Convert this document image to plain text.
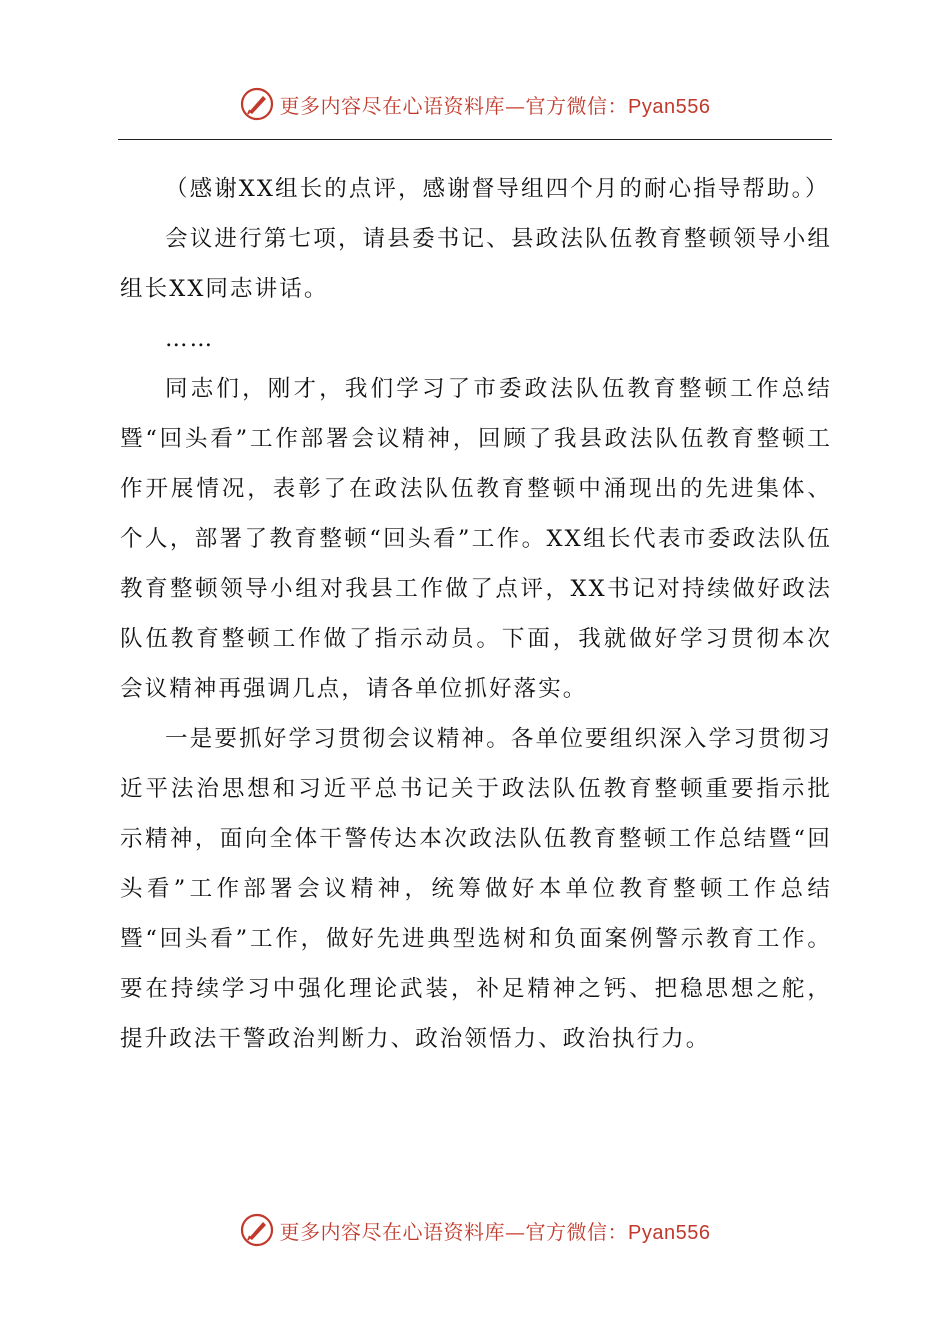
更多内容尽在心语资料库—官方微信：Pyan556

（感谢XX组长的点评，感谢督导组四个月的耐心指导帮助。）

会议进行第七项，请县委书记、县政法队伍教育整顿领导小组组长XX同志讲话。

……

同志们，刚才，我们学习了市委政法队伍教育整顿工作总结暨“回头看”工作部署会议精神，回顾了我县政法队伍教育整顿工作开展情况，表彰了在政法队伍教育整顿中涌现出的先进集体、个人，部署了教育整顿“回头看”工作。XX组长代表市委政法队伍教育整顿领导小组对我县工作做了点评，XX书记对持续做好政法队伍教育整顿工作做了指示动员。下面，我就做好学习贯彻本次会议精神再强调几点，请各单位抓好落实。

一是要抓好学习贯彻会议精神。各单位要组织深入学习贯彻习近平法治思想和习近平总书记关于政法队伍教育整顿重要指示批示精神，面向全体干警传达本次政法队伍教育整顿工作总结暨“回头看”工作部署会议精神，统筹做好本单位教育整顿工作总结暨“回头看”工作，做好先进典型选树和负面案例警示教育工作。要在持续学习中强化理论武装，补足精神之钙、把稳思想之舵，提升政法干警政治判断力、政治领悟力、政治执行力。

更多内容尽在心语资料库—官方微信：Pyan556
